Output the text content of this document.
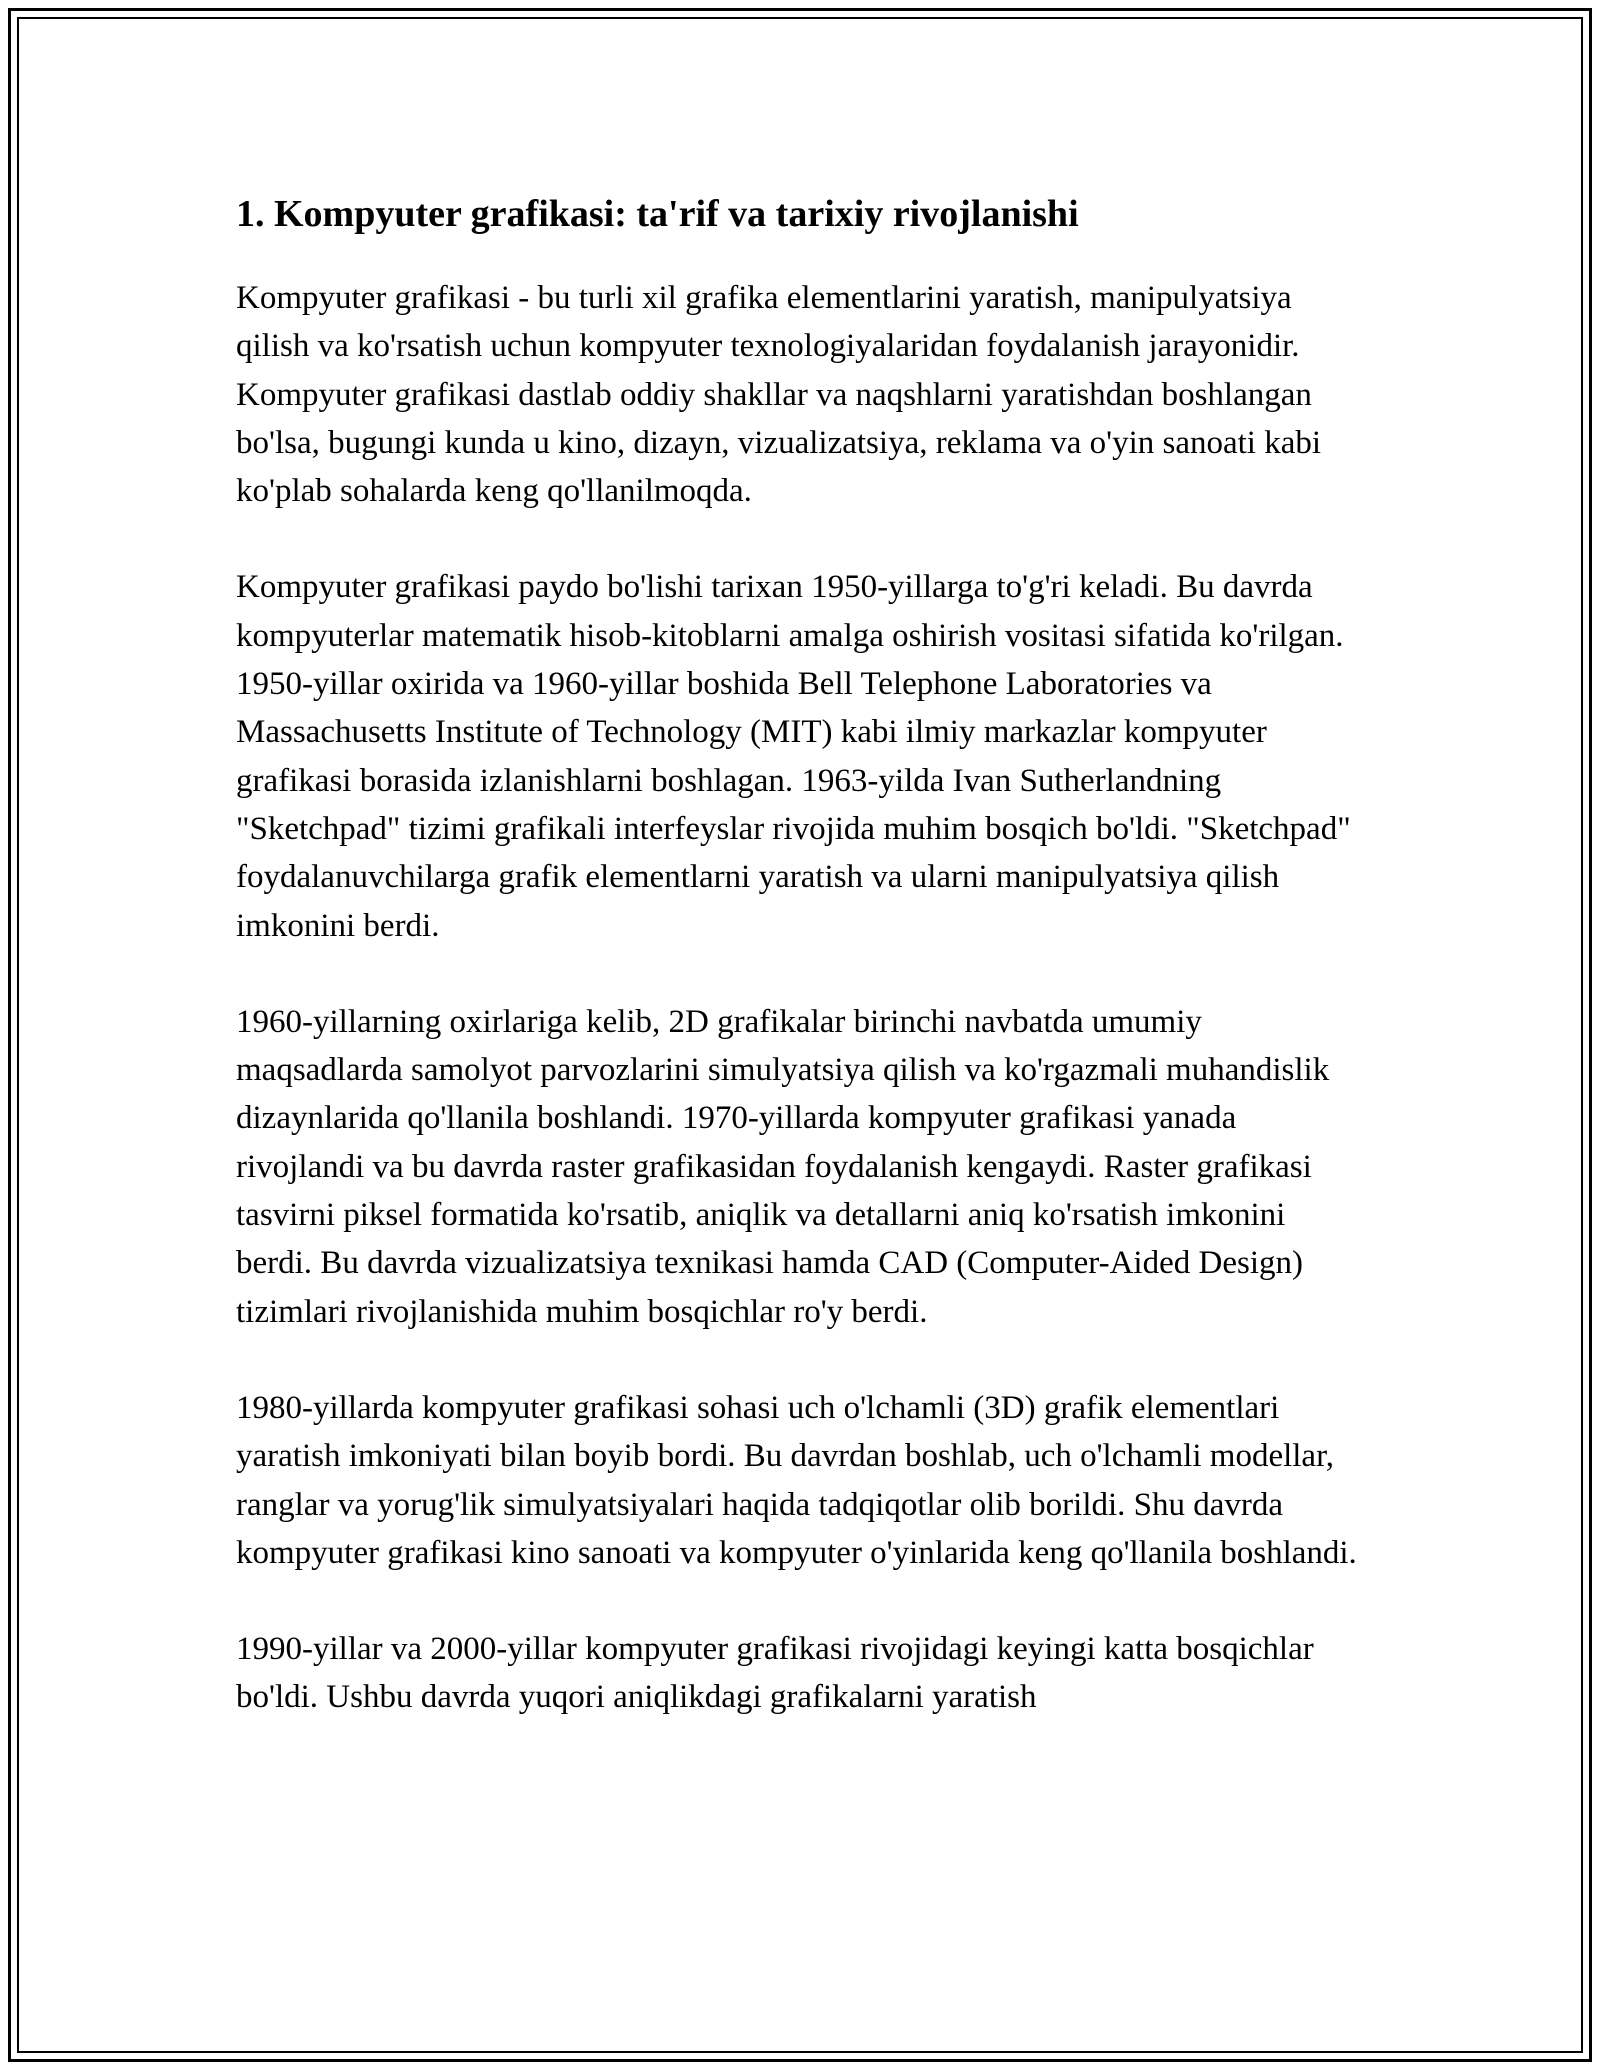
1. Kompyuter grafikasi: ta'rif va tarixiy rivojlanishi

Kompyuter grafikasi - bu turli xil grafika elementlarini yaratish, manipulyatsiya qilish va ko'rsatish uchun kompyuter texnologiyalaridan foydalanish jarayonidir. Kompyuter grafikasi dastlab oddiy shakllar va naqshlarni yaratishdan boshlangan bo'lsa, bugungi kunda u kino, dizayn, vizualizatsiya, reklama va o'yin sanoati kabi ko'plab sohalarda keng qo'llanilmoqda.

Kompyuter grafikasi paydo bo'lishi tarixan 1950-yillarga to'g'ri keladi. Bu davrda kompyuterlar matematik hisob-kitoblarni amalga oshirish vositasi sifatida ko'rilgan. 1950-yillar oxirida va 1960-yillar boshida Bell Telephone Laboratories va Massachusetts Institute of Technology (MIT) kabi ilmiy markazlar kompyuter grafikasi borasida izlanishlarni boshlagan. 1963-yilda Ivan Sutherlandning "Sketchpad" tizimi grafikali interfeyslar rivojida muhim bosqich bo'ldi. "Sketchpad" foydalanuvchilarga grafik elementlarni yaratish va ularni manipulyatsiya qilish imkonini berdi.

1960-yillarning oxirlariga kelib, 2D grafikalar birinchi navbatda umumiy maqsadlarda samolyot parvozlarini simulyatsiya qilish va ko'rgazmali muhandislik dizaynlarida qo'llanila boshlandi. 1970-yillarda kompyuter grafikasi yanada rivojlandi va bu davrda raster grafikasidan foydalanish kengaydi. Raster grafikasi tasvirni piksel formatida ko'rsatib, aniqlik va detallarni aniq ko'rsatish imkonini berdi. Bu davrda vizualizatsiya texnikasi hamda CAD (Computer-Aided Design) tizimlari rivojlanishida muhim bosqichlar ro'y berdi.

1980-yillarda kompyuter grafikasi sohasi uch o'lchamli (3D) grafik elementlari yaratish imkoniyati bilan boyib bordi. Bu davrdan boshlab, uch o'lchamli modellar, ranglar va yorug'lik simulyatsiyalari haqida tadqiqotlar olib borildi. Shu davrda kompyuter grafikasi kino sanoati va kompyuter o'yinlarida keng qo'llanila boshlandi.

1990-yillar va 2000-yillar kompyuter grafikasi rivojidagi keyingi katta bosqichlar bo'ldi. Ushbu davrda yuqori aniqlikdagi grafikalarni yaratish
